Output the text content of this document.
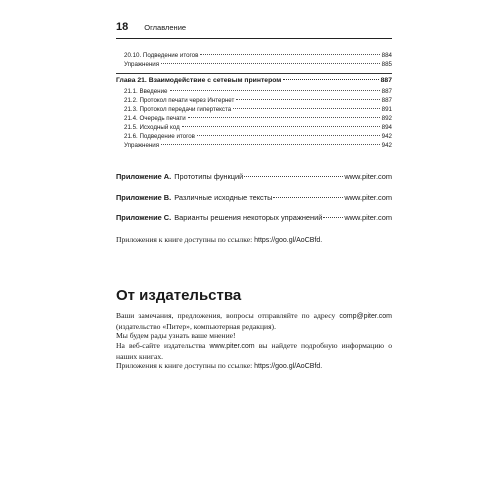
18 Оглавление
20.10. Подведение итогов	884
Упражнения	885
Глава 21. Взаимодействие с сетевым принтером	887
21.1. Введение	887
21.2. Протокол печати через Интернет	887
21.3. Протокол передачи гипертекста	891
21.4. Очередь печати	892
21.5. Исходный код	894
21.6. Подведение итогов	942
Упражнения	942
Приложение А. Прототипы функций	www.piter.com
Приложение В. Различные исходные тексты	www.piter.com
Приложение С. Варианты решения некоторых упражнений	www.piter.com
Приложения к книге доступны по ссылке: https://goo.gl/AoCBfd.
От издательства

Ваши замечания, предложения, вопросы отправляйте по адресу comp@piter.com (издательство «Питер», компьютерная редакция).

Мы будем рады узнать ваше мнение!

На веб-сайте издательства www.piter.com вы найдете подробную информацию о наших книгах.

Приложения к книге доступны по ссылке: https://goo.gl/AoCBfd.
